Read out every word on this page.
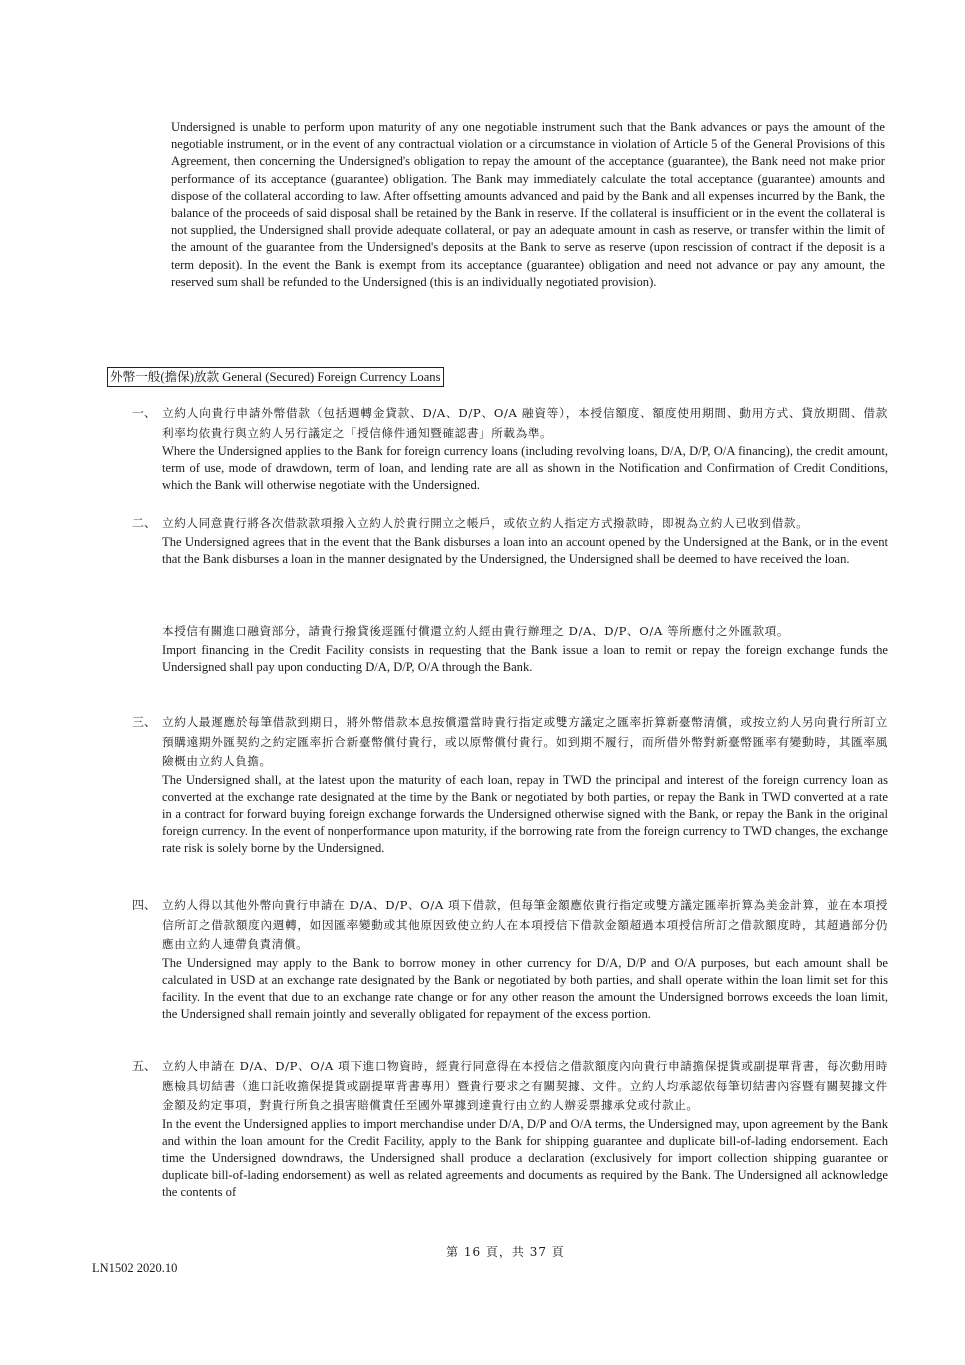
Undersigned is unable to perform upon maturity of any one negotiable instrument such that the Bank advances or pays the amount of the negotiable instrument, or in the event of any contractual violation or a circumstance in violation of Article 5 of the General Provisions of this Agreement, then concerning the Undersigned's obligation to repay the amount of the acceptance (guarantee), the Bank need not make prior performance of its acceptance (guarantee) obligation. The Bank may immediately calculate the total acceptance (guarantee) amounts and dispose of the collateral according to law. After offsetting amounts advanced and paid by the Bank and all expenses incurred by the Bank, the balance of the proceeds of said disposal shall be retained by the Bank in reserve. If the collateral is insufficient or in the event the collateral is not supplied, the Undersigned shall provide adequate collateral, or pay an adequate amount in cash as reserve, or transfer within the limit of the amount of the guarantee from the Undersigned's deposits at the Bank to serve as reserve (upon rescission of contract if the deposit is a term deposit). In the event the Bank is exempt from its acceptance (guarantee) obligation and need not advance or pay any amount, the reserved sum shall be refunded to the Undersigned (this is an individually negotiated provision).

外幣一般(擔保)放款 General (Secured) Foreign Currency Loans
一、 立約人向貴行申請外幣借款（包括週轉金貸款、D/A、D/P、O/A 融資等），本授信額度、額度使用期間、動用方式、貸放期間、借款利率均依貴行與立約人另行議定之「授信條件通知暨確認書」所載為準。

Where the Undersigned applies to the Bank for foreign currency loans (including revolving loans, D/A, D/P, O/A financing), the credit amount, term of use, mode of drawdown, term of loan, and lending rate are all as shown in the Notification and Confirmation of Credit Conditions, which the Bank will otherwise negotiate with the Undersigned.

二、 立約人同意貴行將各次借款款項撥入立約人於貴行開立之帳戶，或依立約人指定方式撥款時，即視為立約人已收到借款。

The Undersigned agrees that in the event that the Bank disburses a loan into an account opened by the Undersigned at the Bank, or in the event that the Bank disburses a loan in the manner designated by the Undersigned, the Undersigned shall be deemed to have received the loan.

本授信有關進口融資部分，請貴行撥貸後逕匯付償還立約人經由貴行辦理之 D/A、D/P、O/A 等所應付之外匯款項。

Import financing in the Credit Facility consists in requesting that the Bank issue a loan to remit or repay the foreign exchange funds the Undersigned shall pay upon conducting D/A, D/P, O/A through the Bank.

三、 立約人最遲應於每筆借款到期日，將外幣借款本息按償還當時貴行指定或雙方議定之匯率折算新臺幣清償，或按立約人另向貴行所訂立預購遠期外匯契約之約定匯率折合新臺幣償付貴行，或以原幣償付貴行。如到期不履行，而所借外幣對新臺幣匯率有變動時，其匯率風險概由立約人負擔。

The Undersigned shall, at the latest upon the maturity of each loan, repay in TWD the principal and interest of the foreign currency loan as converted at the exchange rate designated at the time by the Bank or negotiated by both parties, or repay the Bank in TWD converted at a rate in a contract for forward buying foreign exchange forwards the Undersigned otherwise signed with the Bank, or repay the Bank in the original foreign currency. In the event of nonperformance upon maturity, if the borrowing rate from the foreign currency to TWD changes, the exchange rate risk is solely borne by the Undersigned.

四、 立約人得以其他外幣向貴行申請在 D/A、D/P、O/A 項下借款，但每筆金額應依貴行指定或雙方議定匯率折算為美金計算，並在本項授信所訂之借款額度內週轉，如因匯率變動或其他原因致使立約人在本項授信下借款金額超過本項授信所訂之借款額度時，其超過部分仍應由立約人連帶負責清償。

The Undersigned may apply to the Bank to borrow money in other currency for D/A, D/P and O/A purposes, but each amount shall be calculated in USD at an exchange rate designated by the Bank or negotiated by both parties, and shall operate within the loan limit set for this facility. In the event that due to an exchange rate change or for any other reason the amount the Undersigned borrows exceeds the loan limit, the Undersigned shall remain jointly and severally obligated for repayment of the excess portion.

五、 立約人申請在 D/A、D/P、O/A 項下進口物資時，經貴行同意得在本授信之借款額度內向貴行申請擔保提貨或副提單背書，每次動用時應檢具切結書（進口託收擔保提貨或副提單背書專用）暨貴行要求之有關契據、文件。立約人均承認依每筆切結書內容暨有關契據文件金額及約定事項，對貴行所負之損害賠償責任至國外單據到達貴行由立約人辦妥票據承兌或付款止。

In the event the Undersigned applies to import merchandise under D/A, D/P and O/A terms, the Undersigned may, upon agreement by the Bank and within the loan amount for the Credit Facility, apply to the Bank for shipping guarantee and duplicate bill-of-lading endorsement. Each time the Undersigned downdraws, the Undersigned shall produce a declaration (exclusively for import collection shipping guarantee or duplicate bill-of-lading endorsement) as well as related agreements and documents as required by the Bank. The Undersigned all acknowledge the contents of

第 16 頁，共 37 頁
LN1502 2020.10
